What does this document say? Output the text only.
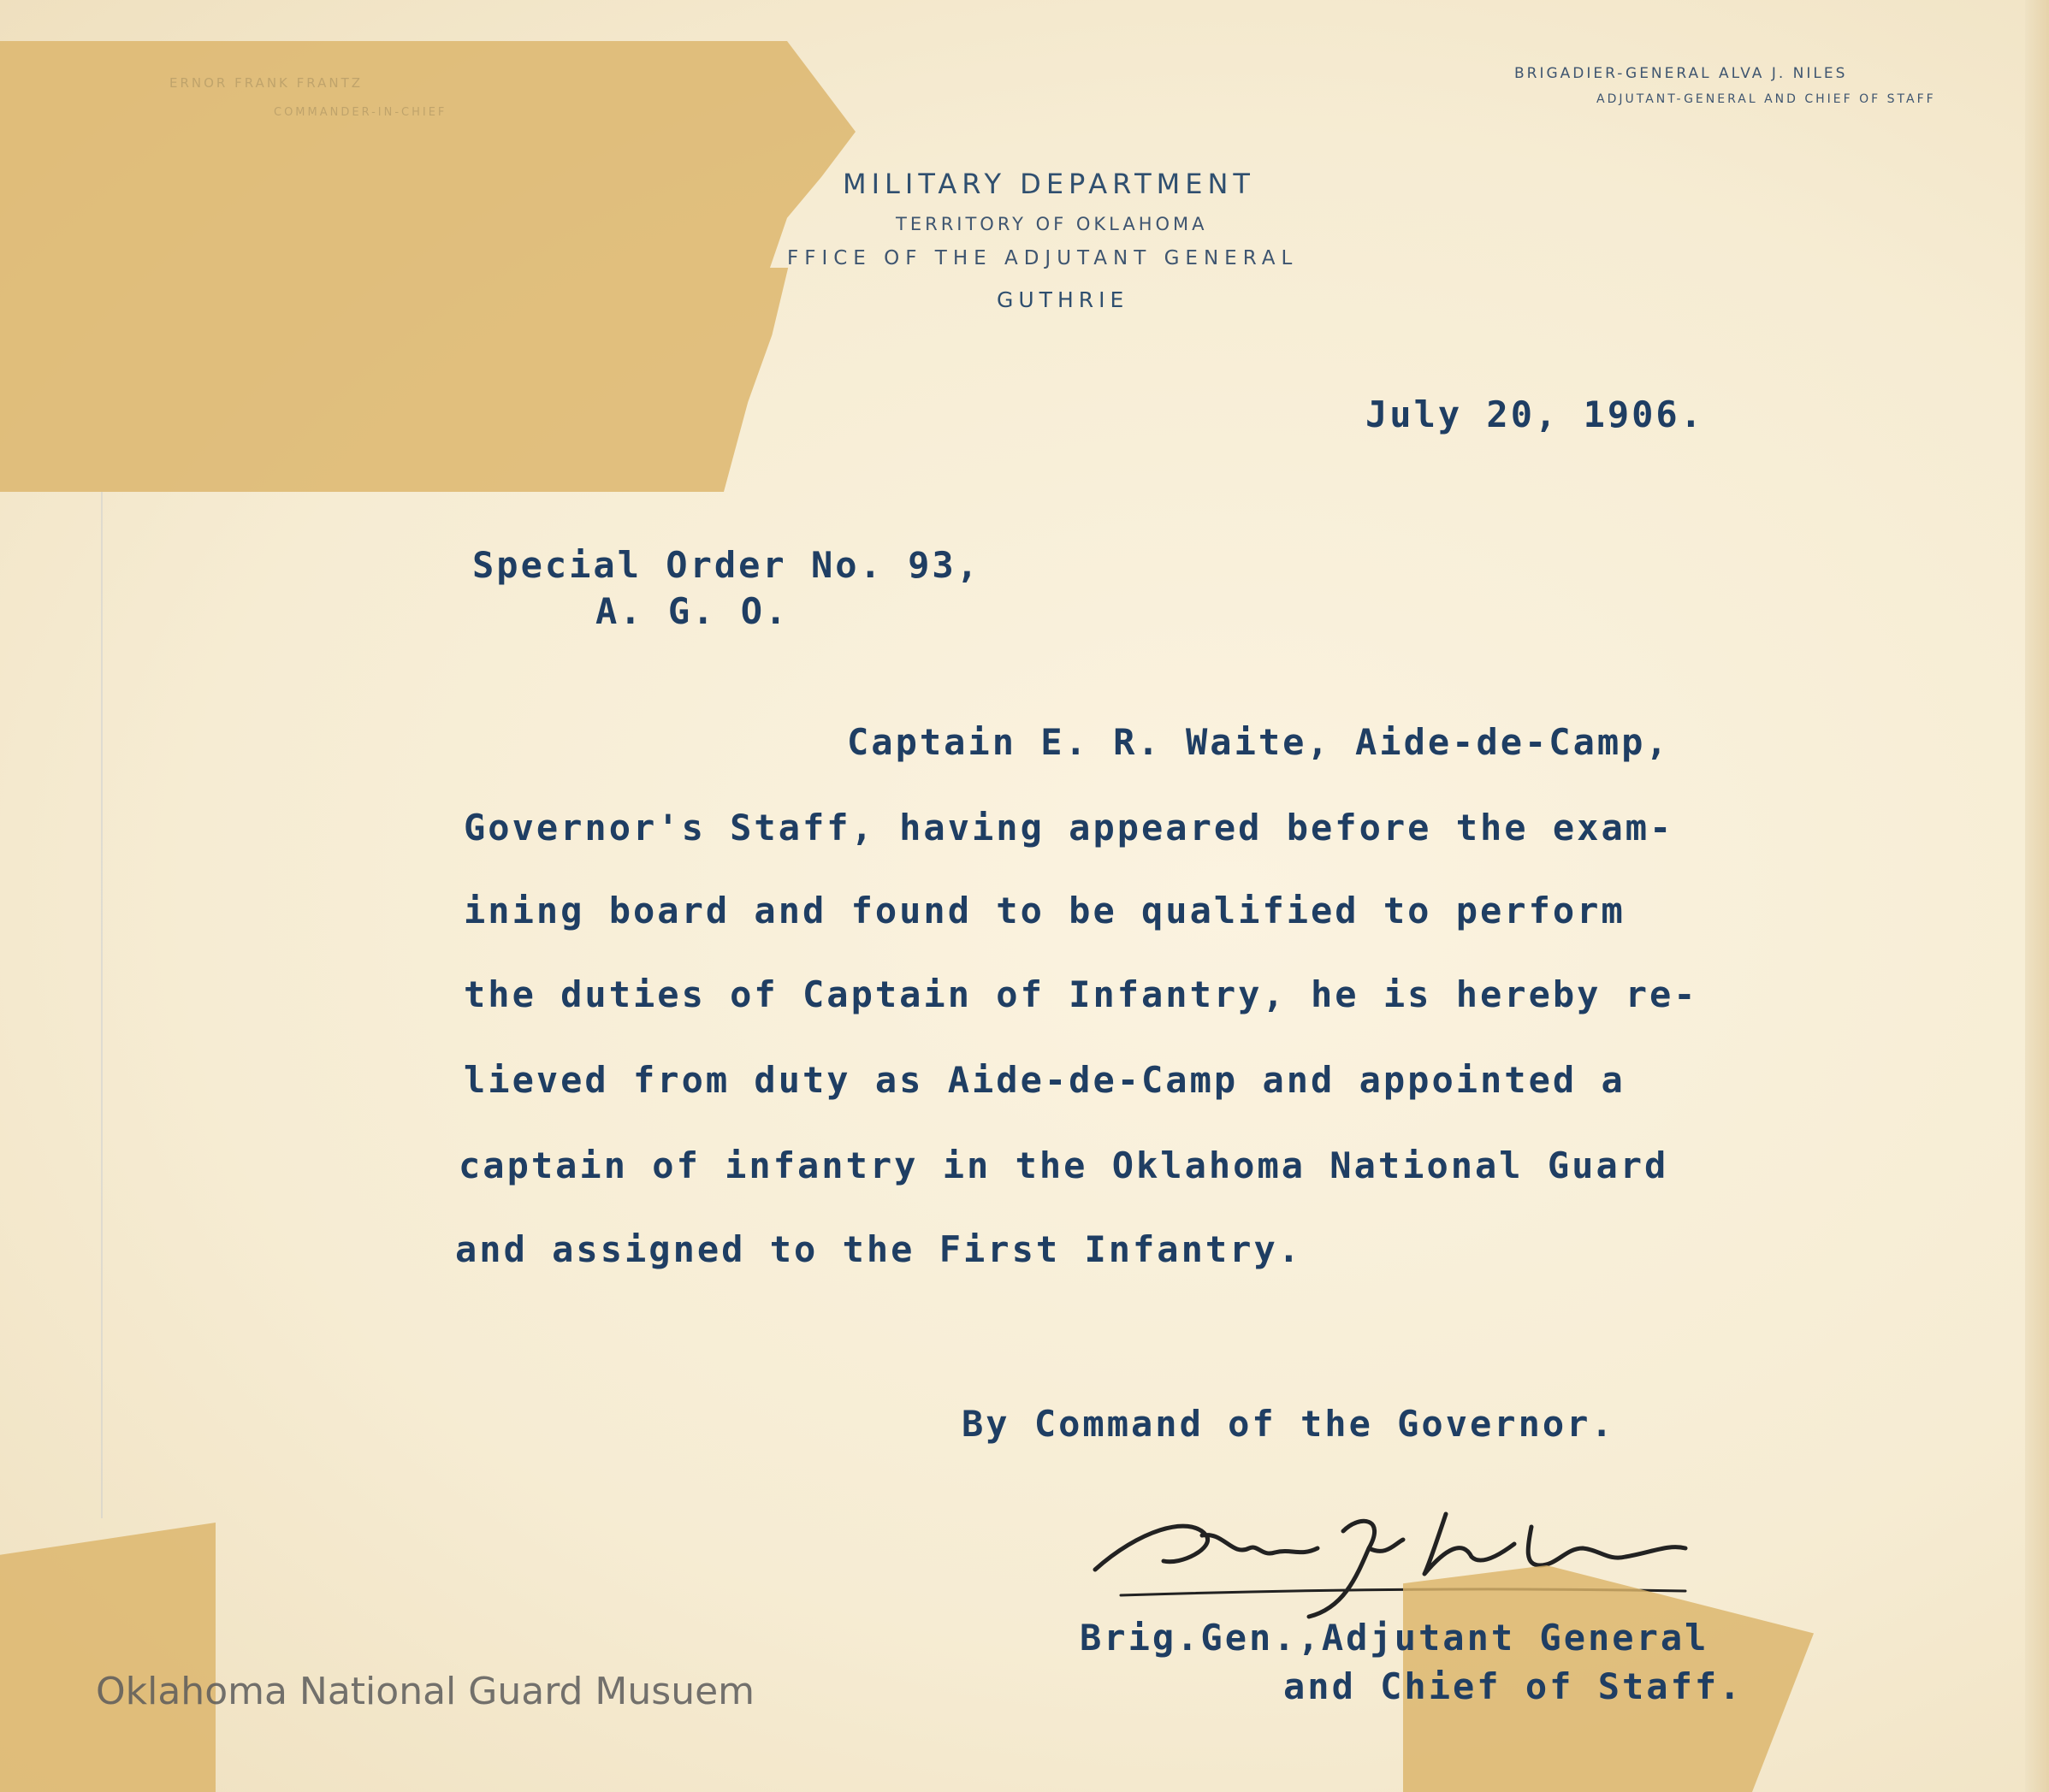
BRIGADIER-GENERAL ALVA J. NILES
ADJUTANT-GENERAL AND CHIEF OF STAFF
MILITARY DEPARTMENT
TERRITORY OF OKLAHOMA
FFICE OF THE ADJUTANT GENERAL
GUTHRIE
July 20, 1906.
Special Order No. 93,
A. G. O.
Captain E. R. Waite, Aide-de-Camp,
Governor's Staff, having appeared before the exam-
ining board and found to be qualified to perform
the duties of Captain of Infantry, he is hereby re-
lieved from duty as Aide-de-Camp and appointed a
captain of infantry in the Oklahoma National Guard
and assigned to the First Infantry.
By Command of the Governor.
Brig.Gen.,Adjutant General
and Chief of Staff.
Oklahoma National Guard Musuem
